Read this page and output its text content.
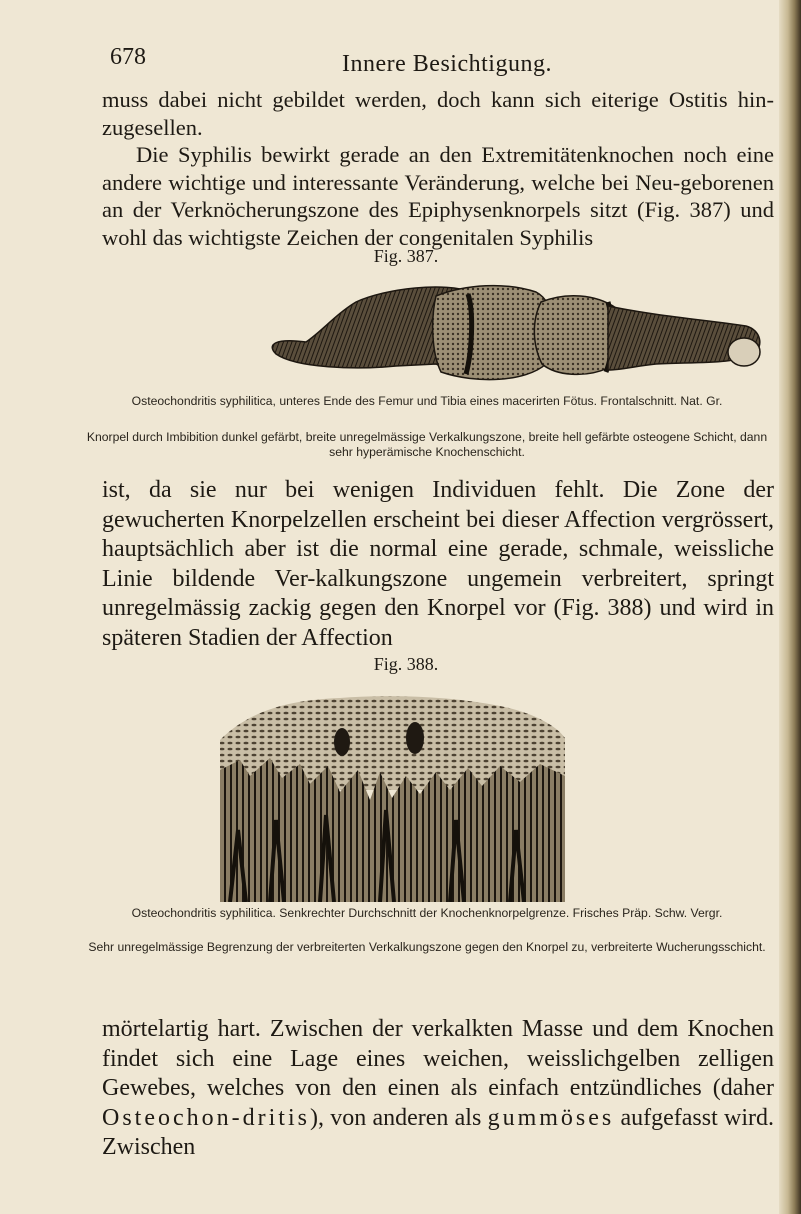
678	Innere Besichtigung.

muss dabei nicht gebildet werden, doch kann sich eiterige Ostitis hin-zugesellen.

Die Syphilis bewirkt gerade an den Extremitätenknochen noch eine andere wichtige und interessante Veränderung, welche bei Neu-geborenen an der Verknöcherungszone des Epiphysenknorpels sitzt (Fig. 387) und wohl das wichtigste Zeichen der congenitalen Syphilis

Fig. 387.
Osteochondritis syphilitica, unteres Ende des Femur und Tibia eines macerirten Fötus. Frontalschnitt. Nat. Gr.
Knorpel durch Imbibition dunkel gefärbt, breite unregelmässige Verkalkungszone, breite hell gefärbte osteogene Schicht, dann sehr hyperämische Knochenschicht.
ist, da sie nur bei wenigen Individuen fehlt. Die Zone der gewucherten Knorpelzellen erscheint bei dieser Affection vergrössert, hauptsächlich aber ist die normal eine gerade, schmale, weissliche Linie bildende Ver-kalkungszone ungemein verbreitert, springt unregelmässig zackig gegen den Knorpel vor (Fig. 388) und wird in späteren Stadien der Affection
Fig. 388.
Osteochondritis syphilitica. Senkrechter Durchschnitt der Knochenknorpelgrenze. Frisches Präp. Schw. Vergr.
Sehr unregelmässige Begrenzung der verbreiterten Verkalkungszone gegen den Knorpel zu, verbreiterte Wucherungsschicht.
mörtelartig hart. Zwischen der verkalkten Masse und dem Knochen findet sich eine Lage eines weichen, weisslichgelben zelligen Gewebes, welches von den einen als einfach entzündliches (daher Osteochon-dritis), von anderen als gummöses aufgefasst wird. Zwischen
